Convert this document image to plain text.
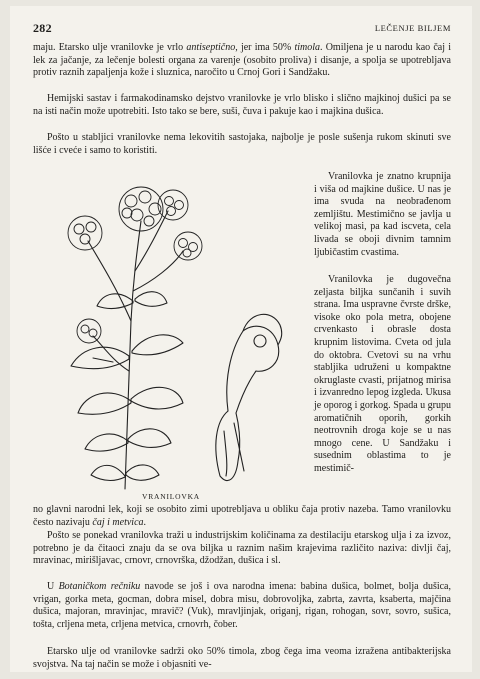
282	LEČENJE BILJEM

maju. Etarsko ulje vranilovke je vrlo antiseptično, jer ima 50% timola. Omiljena je u narodu kao čaj i lek za jačanje, za lečenje bolesti organa za varenje (osobito proliva) i disanje, a spolja se upotrebljava protiv raznih zapaljenja kože i sluznica, naročito u Crnoj Gori i Sandžaku.

Hemijski sastav i farmakodinamsko dejstvo vranilovke je vrlo blisko i slično majkinoj dušici pa se na isti način može upotrebiti. Isto tako se bere, suši, čuva i pakuje kao i majkina dušica.

Pošto u stabljici vranilovke nema lekovitih sastojaka, najbolje je posle sušenja rukom skinuti sve lišće i cveće i samo to koristiti.

VRANILOVKA

Vranilovka je znatno krupnija i viša od majkine dušice. U nas je ima svuda na neobrađenom zemljištu. Mestimično se javlja u velikoj masi, pa kad iscveta, cela livada se oboji divnim tamnim ljubičastim cvastima.

Vranilovka je dugovečna zeljasta biljka sunčanih i suvih strana. Ima uspravne čvrste drške, visoke oko pola metra, obojene crvenkasto i obrasle dosta krupnim listovima. Cveta od jula do oktobra. Cvetovi su na vrhu stabljika udruženi u kompaktne okruglaste cvasti, prijatnog mirisa i izvanredno lepog izgleda. Ukusa je oporog i gorkog. Spada u grupu aromatičnih oporih, gorkih neotrovnih droga koje se u nas mnogo cene. U Sandžaku i susednim oblastima to je mestimič-

no glavni narodni lek, koji se osobito zimi upotrebljava u obliku čaja protiv nazeba. Tamo vranilovku često nazivaju čaj i metvica.

Pošto se ponekad vranilovka traži u industrijskim količinama za destilaciju etarskog ulja i za izvoz, potrebno je da čitaoci znaju da se ova biljka u raznim našim krajevima različito naziva: divlji čaj, mravinac, mirišljavac, crnovr, crnovrška, džodžan, dušica i sl.

U Botaničkom rečniku navode se još i ova narodna imena: babina dušica, bolmet, bolja dušica, vrigan, gorka meta, gocman, dobra misel, dobra misu, dobrovoljka, zabrta, zavrta, ksaberta, majčina dušica, majoran, mravinjac, mravič? (Vuk), mravljinjak, origanj, rigan, rohogan, sovr, sovro, sušica, tošta, crljena meta, crljena metvica, crnovrh, čober.

Etarsko ulje od vranilovke sadrži oko 50% timola, zbog čega ima veoma izražena antibakterijska svojstva. Na taj način se može i objasniti ve-
